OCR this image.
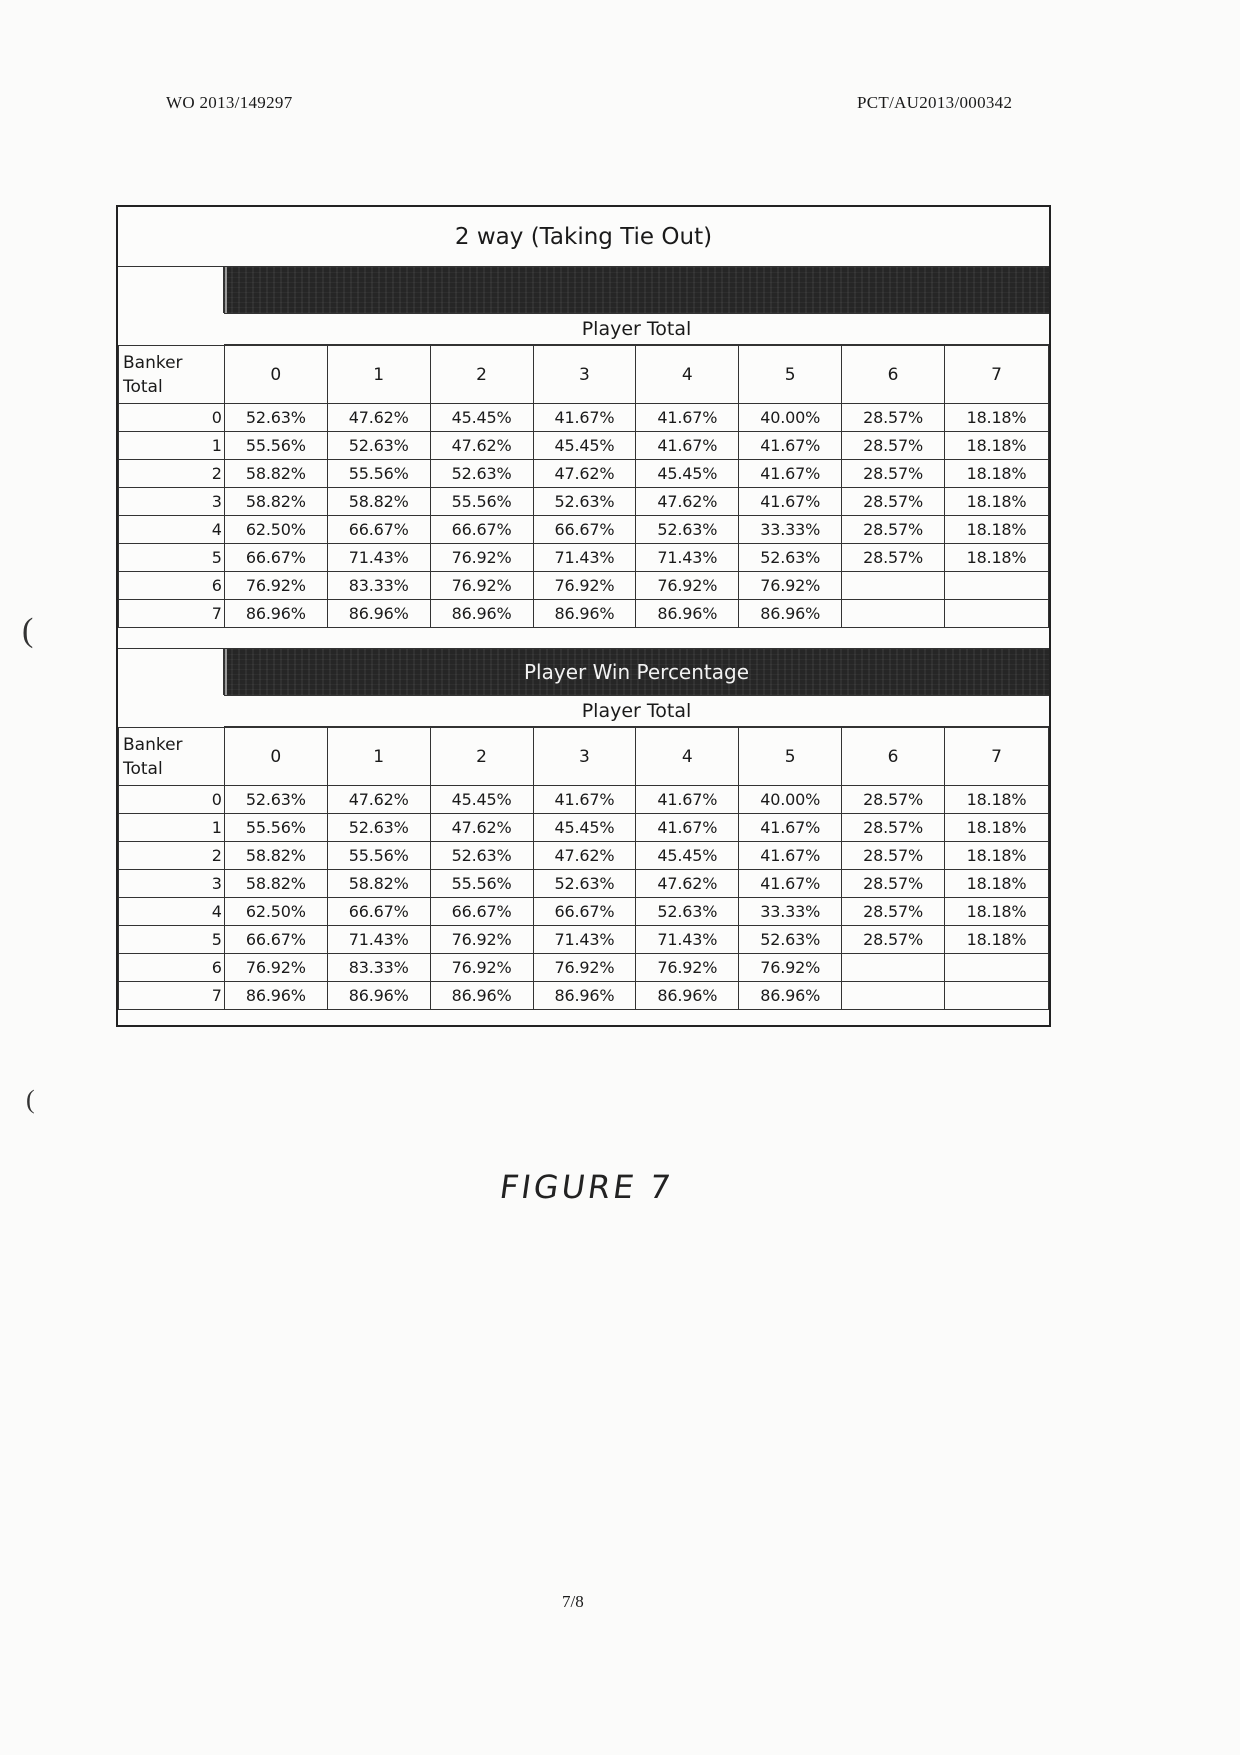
WO 2013/149297	PCT/AU2013/000342
(
(
2 way (Taking Tie Out)
Player Total
Banker
Total	0	1	2	3	4	5	6	7
0	52.63%	47.62%	45.45%	41.67%	41.67%	40.00%	28.57%	18.18%
1	55.56%	52.63%	47.62%	45.45%	41.67%	41.67%	28.57%	18.18%
2	58.82%	55.56%	52.63%	47.62%	45.45%	41.67%	28.57%	18.18%
3	58.82%	58.82%	55.56%	52.63%	47.62%	41.67%	28.57%	18.18%
4	62.50%	66.67%	66.67%	66.67%	52.63%	33.33%	28.57%	18.18%
5	66.67%	71.43%	76.92%	71.43%	71.43%	52.63%	28.57%	18.18%
6	76.92%	83.33%	76.92%	76.92%	76.92%	76.92%		
7	86.96%	86.96%	86.96%	86.96%	86.96%	86.96%		
Player Win Percentage
Player Total
Banker
Total	0	1	2	3	4	5	6	7
0	52.63%	47.62%	45.45%	41.67%	41.67%	40.00%	28.57%	18.18%
1	55.56%	52.63%	47.62%	45.45%	41.67%	41.67%	28.57%	18.18%
2	58.82%	55.56%	52.63%	47.62%	45.45%	41.67%	28.57%	18.18%
3	58.82%	58.82%	55.56%	52.63%	47.62%	41.67%	28.57%	18.18%
4	62.50%	66.67%	66.67%	66.67%	52.63%	33.33%	28.57%	18.18%
5	66.67%	71.43%	76.92%	71.43%	71.43%	52.63%	28.57%	18.18%
6	76.92%	83.33%	76.92%	76.92%	76.92%	76.92%		
7	86.96%	86.96%	86.96%	86.96%	86.96%	86.96%		
FIGURE 7
7/8
